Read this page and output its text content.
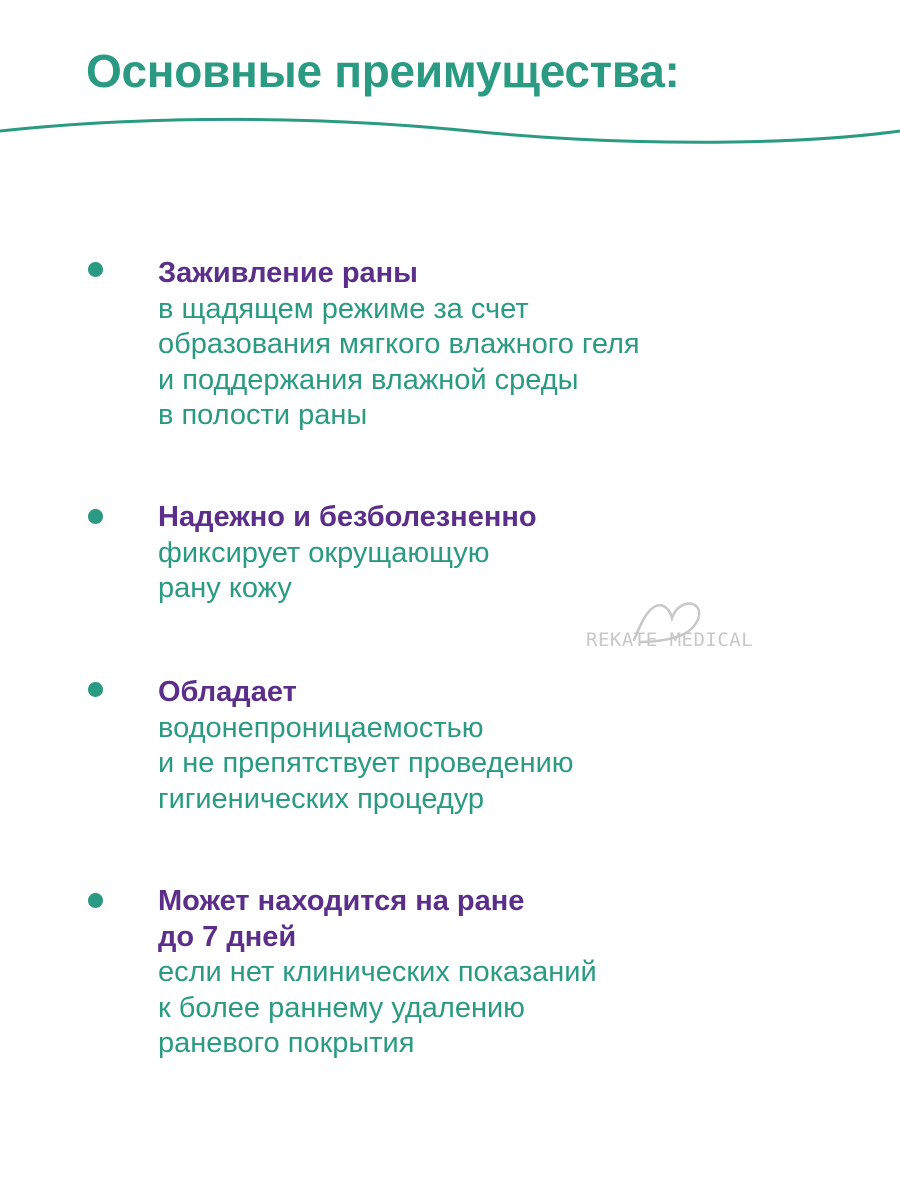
Основные преимущества:
Заживление раны
в щадящем режиме за счет
образования мягкого влажного геля
и поддержания влажной среды
в полости раны
Надежно и безболезненно
фиксирует окрущающую
рану кожу
Обладает
водонепроницаемостью
и не препятствует проведению
гигиенических процедур
Может находится на ране
до 7 дней
если нет клинических показаний
к более раннему удалению
раневого покрытия
REKATE MEDICAL
